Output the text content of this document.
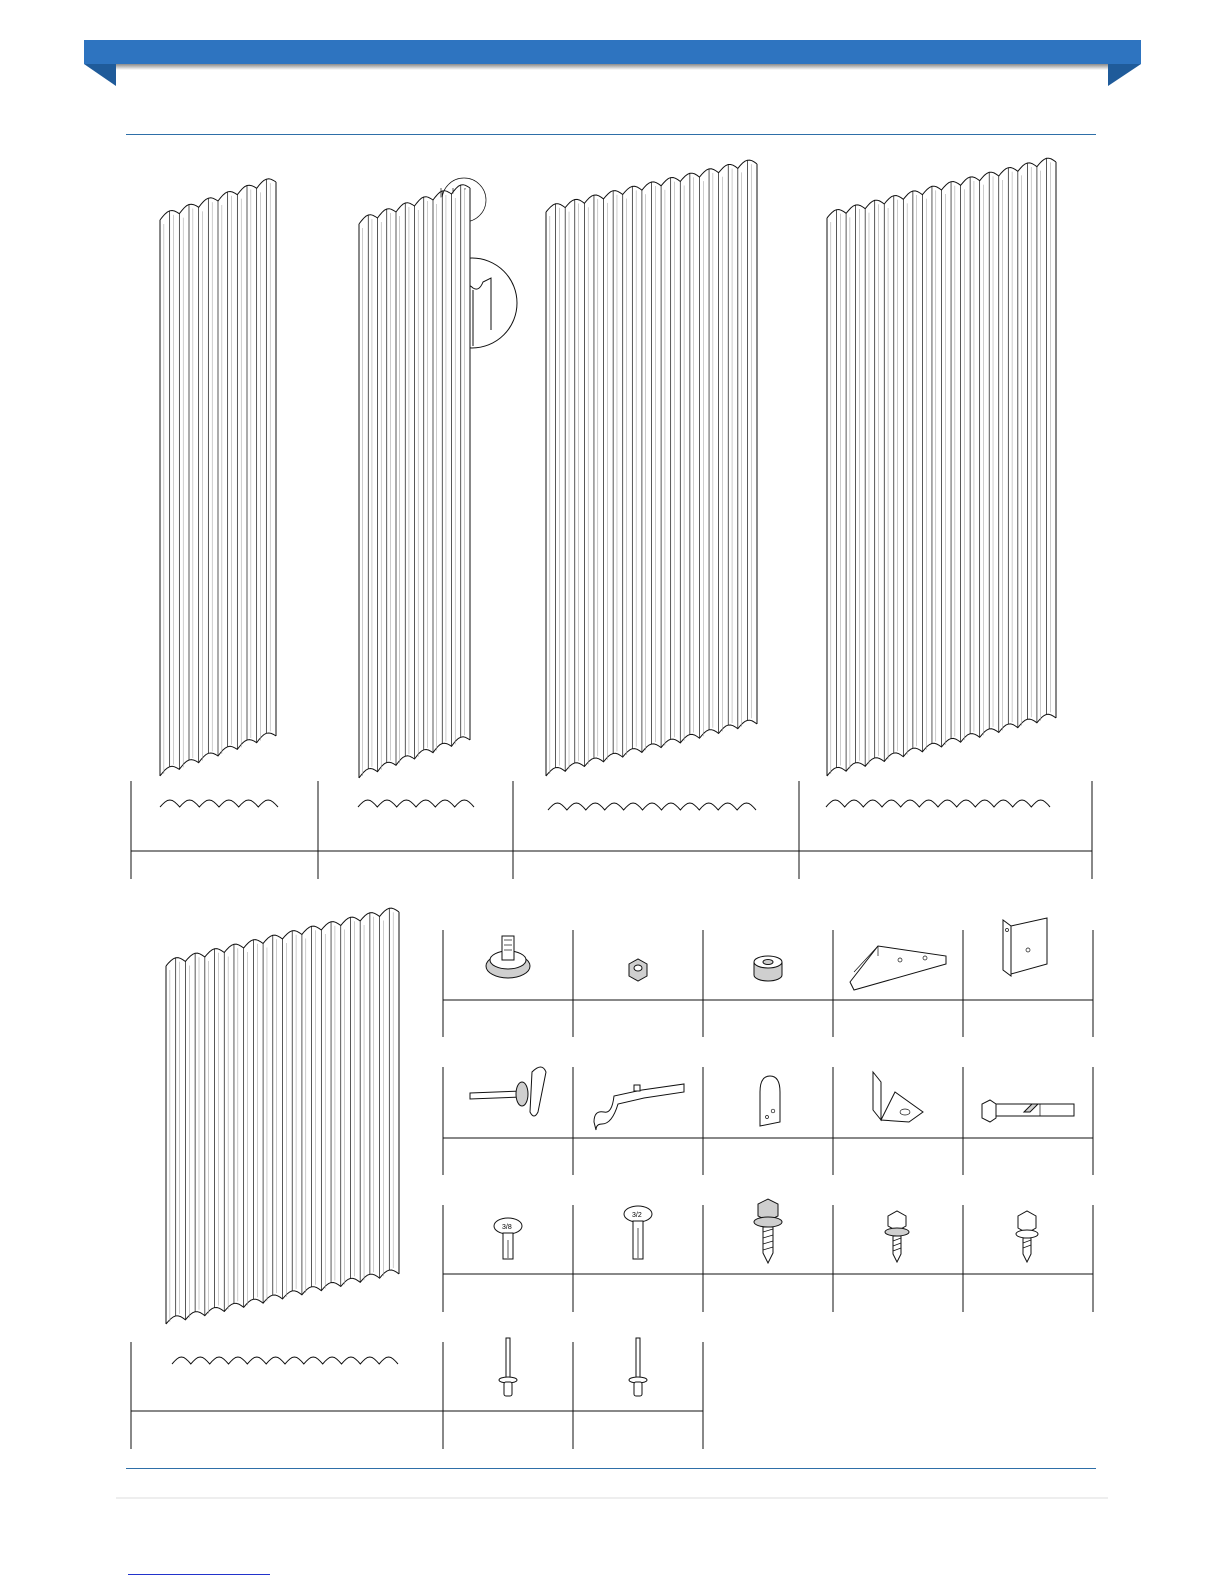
3/8
3/2
